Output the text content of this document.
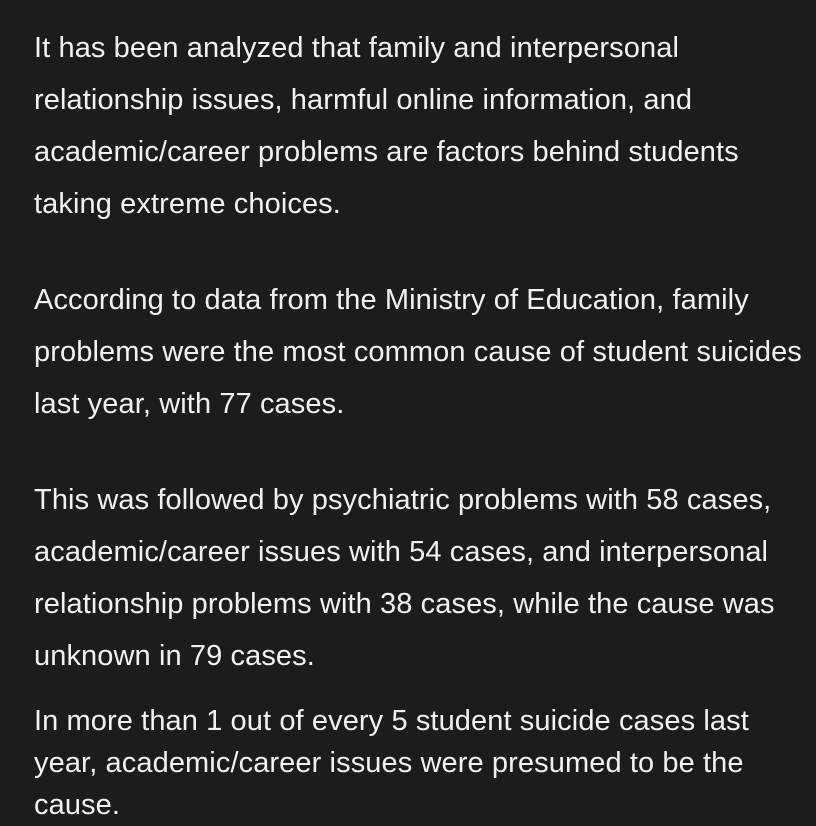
It has been analyzed that family and interpersonal relationship issues, harmful online information, and academic/career problems are factors behind students taking extreme choices.

According to data from the Ministry of Education, family problems were the most common cause of student suicides last year, with 77 cases.

This was followed by psychiatric problems with 58 cases, academic/career issues with 54 cases, and interpersonal relationship problems with 38 cases, while the cause was unknown in 79 cases.

In more than 1 out of every 5 student suicide cases last year, academic/career issues were presumed to be the cause.
